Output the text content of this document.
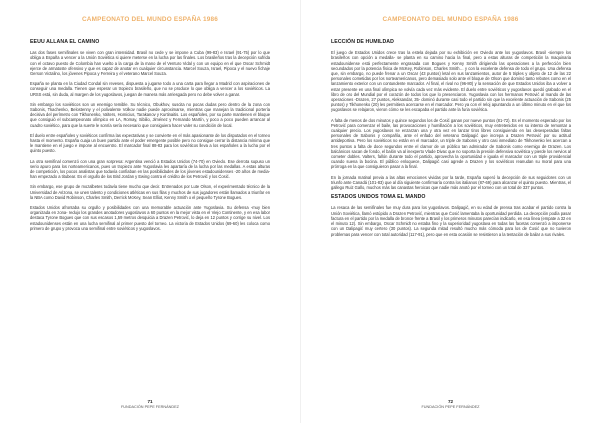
CAMPEONATO DEL MUNDO ESPAÑA 1986
EEUU ALLANA EL CAMINO

Las dos fases semifinales se viven con gran intensidad. Brasil no cede y se impone a Cuba (99-83) e Israel (91-75) por lo que obliga a España a vencer a la Unión Soviética si quiere meterse en la lucha por las finales. Los brasileños tras la decepción sufrida con el octavo puesto de Colombia han vuelto a la carga de la mano de el Venturo Vidal y con un equipo en el que Oscar Schmidt ejerce de armatoste ofensivo y que es capaz de anotar en cualquier circunstancia. Marcel Souza, Israel, Pipoca y el nuevo fichaje Gerson Victalino, los jóvenes Pipoca y Ferreira y el veterano Marcel Souza.

España se planta en la Ciudad Condal sin reveses, dispuesta a jugarse todo a una carta para llegar a Madrid con aspiraciones de conseguir una medalla. Tienen que esperar un tropiezo brasileño, que no se produce lo que obliga a vencer a los soviéticos. La URSS está, sin duda, al margen de los yugoslavos, juegan de manera más arriesgada pero no debe volver a ganar.

Sin embargo los soviéticos son un enemigo temible. Su técnico, Obukhov, suscita no pocas dudas pero dentro de la zona con Sabonis, Tkachenko, Belostenny y el polivalente Volkov nadie puede aproximarse, mientras que manejan la tradicional portería decisiva del perímetro con Tikhonenko, Valters, Homicius, Tarakanov y Kurtinaitis. Los españoles, por su parte mantienen el bloque que consiguió el subcampeonato olímpico en LA, Romay, Sibilio, Jiménez y Fernando Martín, y poco a poco pueden arrancar al cuadro soviético, para que la suerte le sonría sería necesario que consiguiera hacer valer su condición de local.

El duelo entre españoles y soviéticos confirma las expectativas y se convierte en el más apasionante de los disputados en el torneo hasta el momento. España cuaja un buen partido ante el poder emergente posible pero no consigue cerrar la distancia mínima que le mantiene en el juego e impone al encuentro. El marcador final 88-83 para los soviéticos lleva a los españoles a la lucha por el quinto puesto.

La otra semifinal comenzó con una gran sorpresa: Argentina venció a Estados Unidos (74-70) en Oviedo. Ese derrota supuso un serio apuro para los norteamericanos, pues un tropiezo ante Yugoslavia les apartaría de la lucha por las medallas. A estas alturas de competición, los pocos analistas que todavía confiaban en las posibilidades de los jóvenes estadounidenses -20 años de media- han empezado a titubear. Es el orgullo de los Bird Jordan y Ewing contra el crédito de los Petrović y los Ćosić.

Sin embargo, ese grupo de mozalbetes todavía tiene mucho que decir. Entrenados por Lute Olson, el experimentado técnico de la Universidad de Arizona, se unen talento y condiciones atléticas en sus filas y muchos de sus jugadores están llamados a triunfar en la NBA como David Robinson, Charles Smith, Derrick McKey, Sean Elliot, Kenny Smith o el pequeño Tyrone Bogues.

Estados Unidos afrontaba su orgullo y posibilidades con una memorable actuación ante Yugoslavia. Su defensa -muy bien organizada en zona- redujo los grandes anotadores yugoslavos a 60 puntos en la mejor vista en el Viejo Continente, y en esa labor destaca Tyrone Bogues que con sus escasos 1,59 metros desquicia a Drazen Petrović, lo deja en 12 puntos y corrige su nivel. Los estadounidenses están en una lucha semifinal al primer puesto del torneo. La victoria de Estados Unidos (69-60) les coloca como primero de grupo y provoca una semifinal entre soviéticos y yugoslavos.

71
FUNDACIÓN PEPE FERNÁNDEZ
CAMPEONATO DEL MUNDO ESPAÑA 1986
LECCIÓN DE HUMILDAD

El juego de Estados Unidos crece tras la estela dejada por su exhibición en Oviedo ante los yugoslavos. Brasil -siempre los brasileños con opción a medalla- se planta en su camino hacia la final, pero a estas alturas de competición la maquinaria estadounidense está perfectamente engrasada con Bogues y Kenny Smith dirigiendo las operaciones a la perfección bien secundados por la potencia física de McKey, Robinson, Charles Smith… y con la excelente defensa de todo el grupo. Una defensa que, sin embargo, no puede frenar a un Oscar (43 puntos) letal en sus lanzamientos, autor de 5 triples y objeto de 12 de las 22 personales cometidas por los norteamericanos, pero demasiado solo ante el bloque de Olson que dominó tanto rebotes como en el lanzamiento exterior con un contundente marcador. Al final, el rival no (96-80) y la sensación de que Estados Unidos iba a volver a estar presente en una final olímpica se volvía cada vez más evidente. El duelo entre soviéticos y yugoslavos quedó grabado en el libro de oro del Mundial por el corazón de todos los que lo presenciaron. Yugoslavia con los hermanos Petrović al mando de las operaciones -Drazen, 27 puntos, Aleksandar, 35- dominó durante casi todo el partido sin que la excelente actuación de Sabonis (25 puntos) y Tikhonenko (20) les permitiera acercarse en el marcador. Pero ya con el reloj apuntando a un último minuto en el que los yugoslavos se relajaron, vieron cómo se les escapaba el partido ante la furia soviética.

A falta de menos de dos minutos y quince segundos los de Ćosić ganan por nueve puntos (81-72). Es el momento esperado por los Petrović para comenzar el baile, las provocaciones y humillación a los soviéticos, muy entretenidos en su intento de remontar a cualquier precio. Los yugoslavos se enzarzan una y otra vez en lanzar tiros libres consiguiendo en las desesperadas faltas personales de Sabonis y compañía, ante el enfado del veterano Dalipagić que increpa a Drazen Petrović por su actitud antideportiva. Pero los soviéticos no están en el marcador, un triple de Sabonis y otro casi inmediato de Tikhonenko les acercan a tres puntos a falta de doce segundos entre el clamor de un público tan admirador de Sabonis como enemigo de Drazen. Los balcánicos sacan de fondo, el balón va al inexperto Vlade Divac que no soporta la presión defensiva soviética y pierde los nervios al cometer dobles. Valters, fallón durante todo el partido, aprovecha la oportunidad e iguala el marcador con un triple providencial cuando suena la bocina. El público enloquece, Dalipagić casi agrede a Drazen y los soviéticos reanudan su moral para una prórroga en la que consiguieron pasar a la final.

En la jornada matinal previa a las altas emociones vividas por la tarde, España superó la decepción de sus seguidores con un triunfo ante Canadá (101-83) que al día siguiente confirmaría contra los italianos (87-69) para alcanzar el quinto puesto. Mientras, el gallego Ruiz Gallo, muchos más las canastas heroicas que nadie más anotó por el torneo con un total de 337 puntos.

ESTADOS UNIDOS TOMA EL MANDO

La resaca de las semifinales fue muy dura para los yugoslavos. Dalipagić, en su edad de prensa tras acabar el partido contra la Unión Soviética, llamó estúpido a Drazen Petrović, mientras que Ćosić lamentaba la oportunidad perdida. La decepción podía pasar factura en el partido por la medalla de bronce frente a Brasil y los primeros minutos parecían indicarlo, en esa línea (empate a 32 en el minuto 12). Sin embargo, Oscar Schmidt no estaba fino y la superioridad yugoslava en todas las facetas comenzó a imponerse con un Dalipagić muy certero (30 puntos). La segunda mitad resultó mucho más cómoda para los de Ćosić que no tuvieron problemas para vencer con total autoridad (117-91), pero que en esta ocasión se resistieron a la tentación de bailar a sus rivales.

72
FUNDACIÓN PEPE FERNÁNDEZ
